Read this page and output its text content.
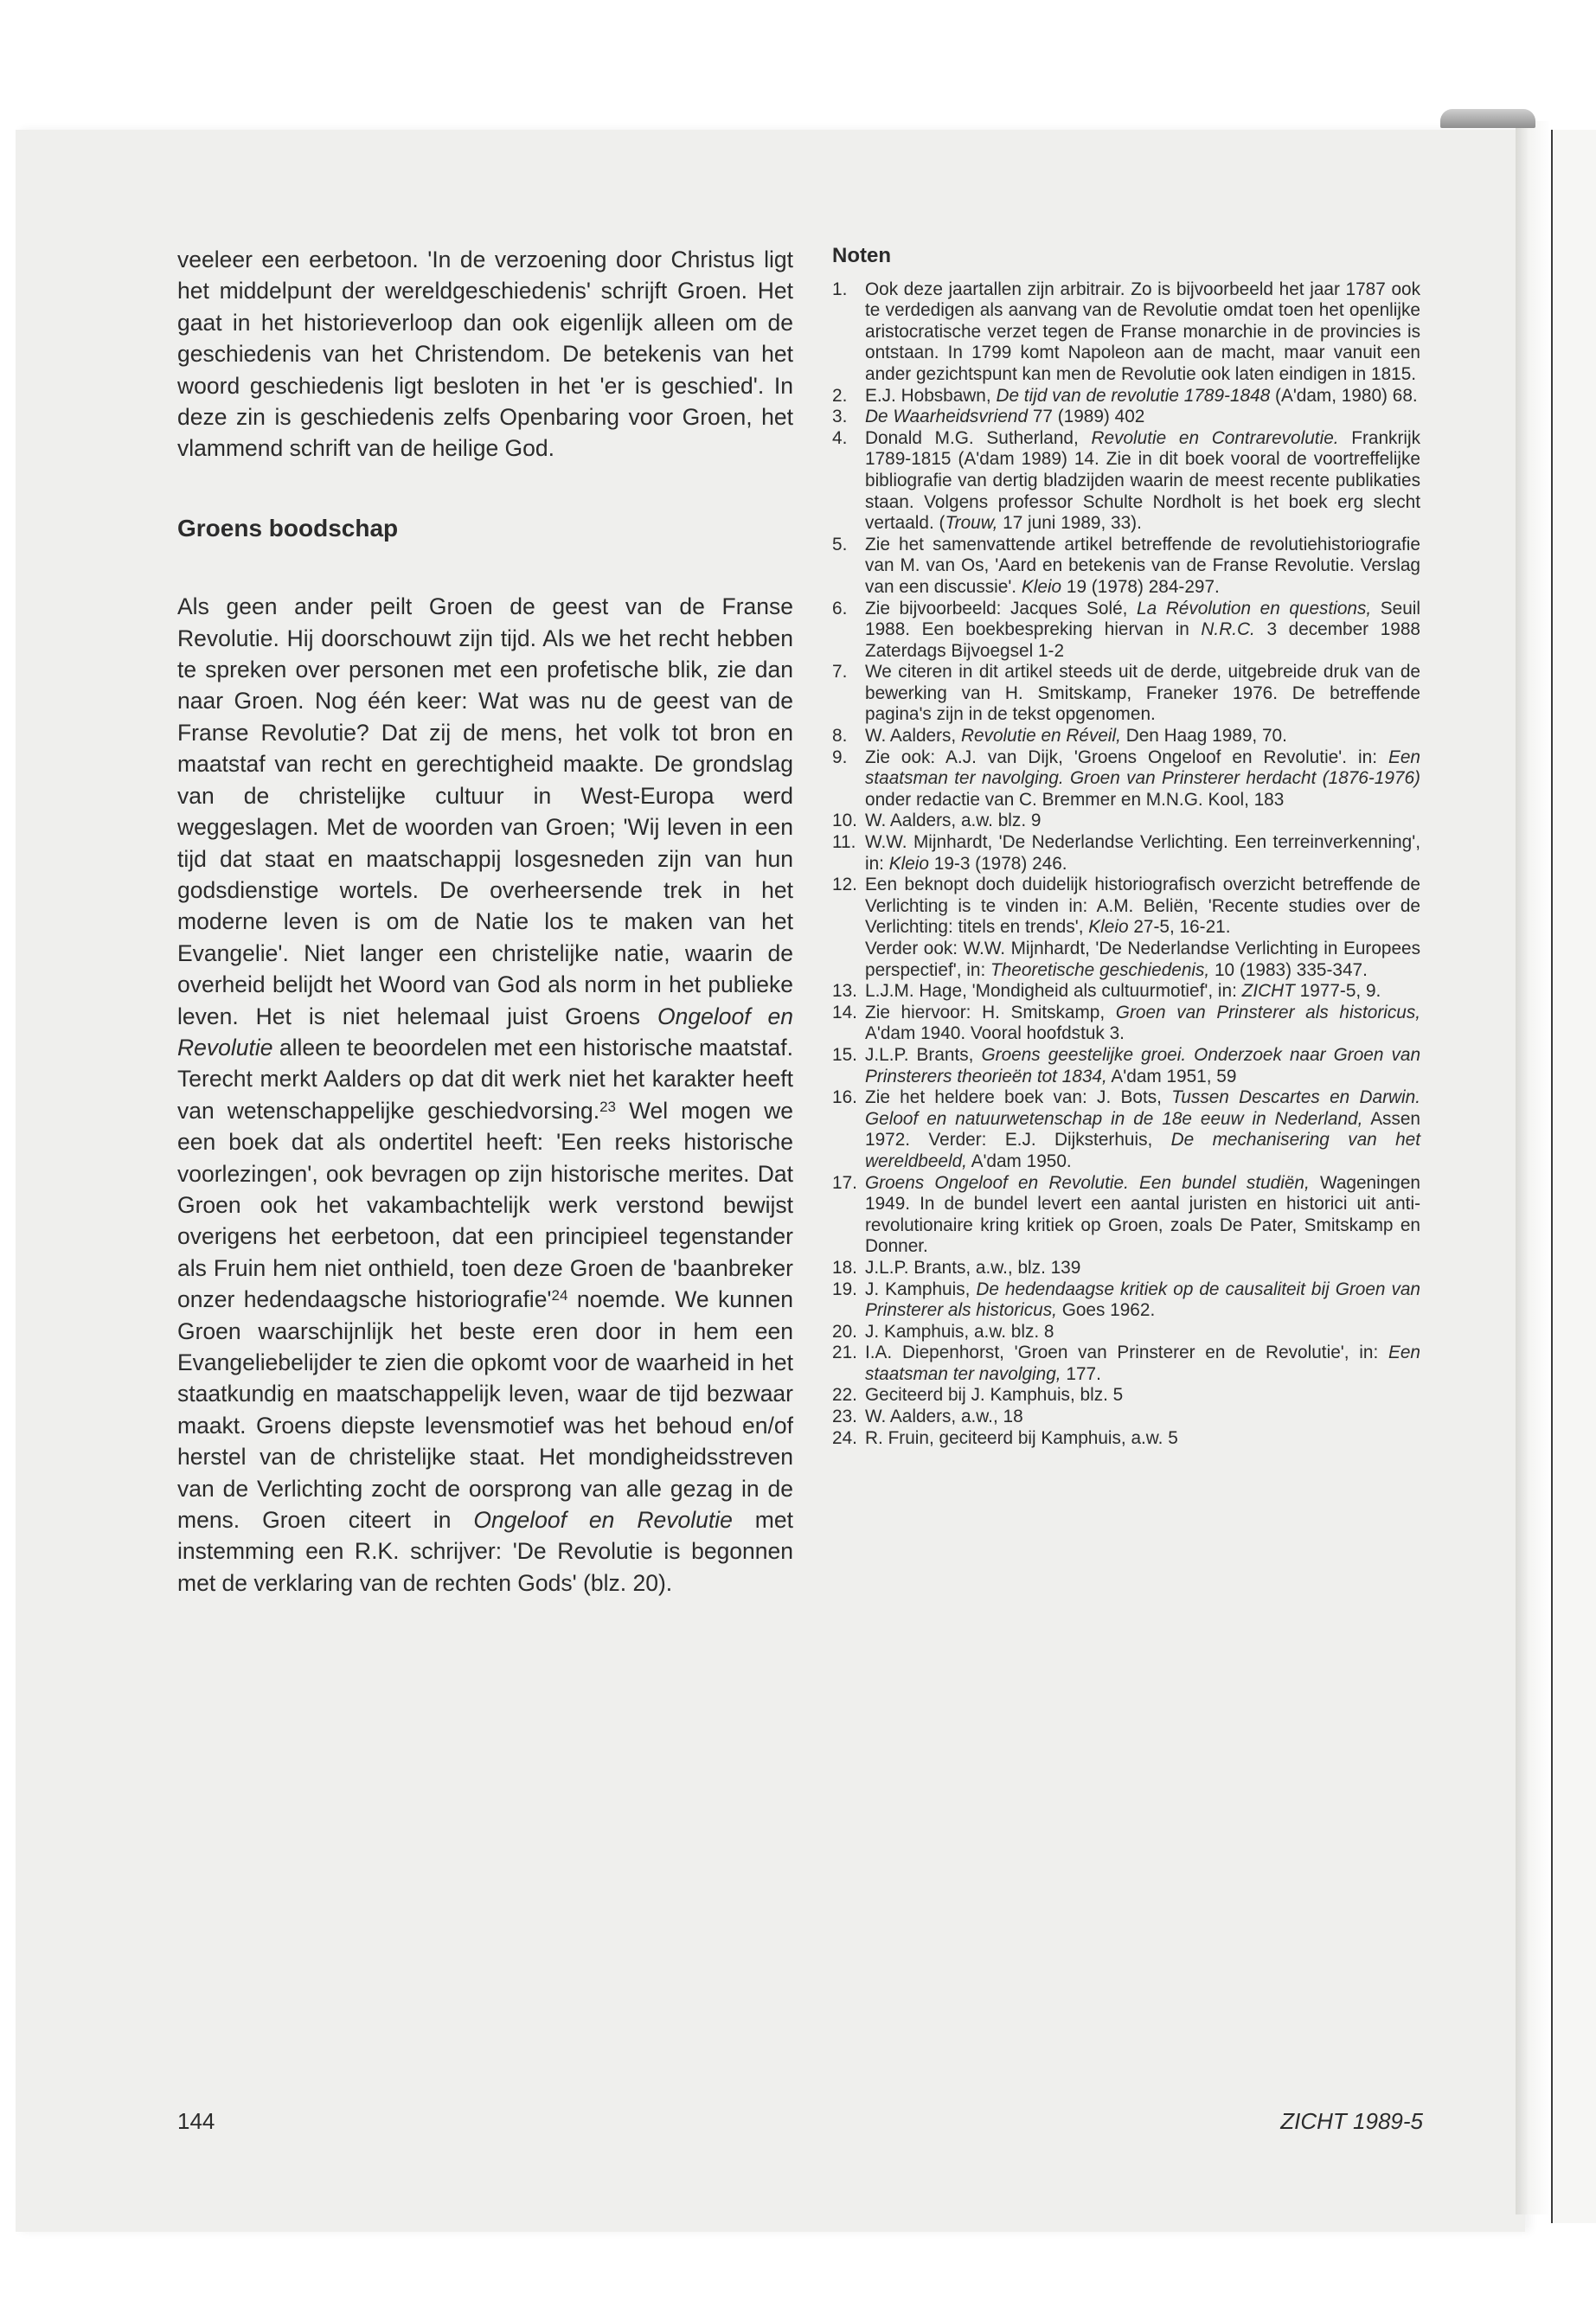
veeleer een eerbetoon. 'In de verzoening door Christus ligt het middelpunt der wereldgeschiedenis' schrijft Groen. Het gaat in het historieverloop dan ook eigenlijk alleen om de geschiedenis van het Christendom. De betekenis van het woord geschiedenis ligt besloten in het 'er is geschied'. In deze zin is geschiedenis zelfs Openbaring voor Groen, het vlammend schrift van de heilige God.

Groens boodschap

Als geen ander peilt Groen de geest van de Franse Revolutie. Hij doorschouwt zijn tijd. Als we het recht hebben te spreken over personen met een profetische blik, zie dan naar Groen. Nog één keer: Wat was nu de geest van de Franse Revolutie? Dat zij de mens, het volk tot bron en maatstaf van recht en gerechtigheid maakte. De grondslag van de christelijke cultuur in West-Europa werd weggeslagen. Met de woorden van Groen; 'Wij leven in een tijd dat staat en maatschappij losgesneden zijn van hun godsdienstige wortels. De overheersende trek in het moderne leven is om de Natie los te maken van het Evangelie'. Niet langer een christelijke natie, waarin de overheid belijdt het Woord van God als norm in het publieke leven. Het is niet helemaal juist Groens Ongeloof en Revolutie alleen te beoordelen met een historische maatstaf. Terecht merkt Aalders op dat dit werk niet het karakter heeft van wetenschappelijke geschiedvorsing.$^{23}$ Wel mogen we een boek dat als ondertitel heeft: 'Een reeks historische voorlezingen', ook bevragen op zijn historische merites. Dat Groen ook het vakambachtelijk werk verstond bewijst overigens het eerbetoon, dat een principieel tegenstander als Fruin hem niet onthield, toen deze Groen de 'baanbreker onzer hedendaagsche $historiografie'^{24}$ noemde. We kunnen Groen waarschijnlijk het beste eren door in hem een Evangeliebelijder te zien die opkomt voor de waarheid in het staatkundig en maatschappelijk leven, waar de tijd bezwaar maakt. Groens diepste levensmotief was het behoud en/of herstel van de christelijke staat. Het mondigheidsstreven van de Verlichting zocht de oorsprong van alle gezag in de mens. Groen citeert in Ongeloof en Revolutie met instemming een R.K. schrijver: 'De Revolutie is begonnen met de verklaring van de rechten Gods' (blz. 20).

Noten
1. Ook deze jaartallen zijn arbitrair. Zo is bijvoorbeeld het jaar 1787 ook te verdedigen als aanvang van de Revolutie omdat toen het openlijke aristocratische verzet tegen de Franse monarchie in de provincies is ontstaan. In 1799 komt Napoleon aan de macht, maar vanuit een ander gezichtspunt kan men de Revolutie ook laten eindigen in 1815.
2. E.J. Hobsbawn, De tijd van de revolutie 1789-1848 (A'dam, 1980) 68.
3. De Waarheidsvriend 77 (1989) 402
4. Donald M.G. Sutherland, Revolutie en Contrarevolutie. Frankrijk 1789-1815 (A'dam 1989) 14. Zie in dit boek vooral de voortreffelijke bibliografie van dertig bladzijden waarin de meest recente publikaties staan. Volgens professor Schulte Nordholt is het boek erg slecht vertaald. (Trouw, 17 juni 1989, 33).
5. Zie het samenvattende artikel betreffende de revolutiehistoriografie van M. van Os, 'Aard en betekenis van de Franse Revolutie. Verslag van een discussie'. Kleio 19 (1978) 284-297.
6. Zie bijvoorbeeld: Jacques Solé, La Révolution en questions, Seuil 1988. Een boekbespreking hiervan in N.R.C. 3 december 1988 Zaterdags Bijvoegsel 1-2
7. We citeren in dit artikel steeds uit de derde, uitgebreide druk van de bewerking van H. Smitskamp, Franeker 1976. De betreffende pagina's zijn in de tekst opgenomen.
8. W. Aalders, Revolutie en Réveil, Den Haag 1989, 70.
9. Zie ook: A.J. van Dijk, 'Groens Ongeloof en Revolutie'. in: Een staatsman ter navolging. Groen van Prinsterer herdacht (1876-1976) onder redactie van C. Bremmer en M.N.G. Kool, 183
10. W. Aalders, a.w. blz. 9
11. W.W. Mijnhardt, 'De Nederlandse Verlichting. Een terreinverkenning', in: Kleio 19-3 (1978) 246.
12. Een beknopt doch duidelijk historiografisch overzicht betreffende de Verlichting is te vinden in: A.M. Beliën, 'Recente studies over de Verlichting: titels en trends', Kleio 27-5, 16-21.
Verder ook: W.W. Mijnhardt, 'De Nederlandse Verlichting in Europees perspectief', in: Theoretische geschiedenis, 10 (1983) 335-347.
13. L.J.M. Hage, 'Mondigheid als cultuurmotief', in: ZICHT 1977-5, 9.
14. Zie hiervoor: H. Smitskamp, Groen van Prinsterer als historicus, A'dam 1940. Vooral hoofdstuk 3.
15. J.L.P. Brants, Groens geestelijke groei. Onderzoek naar Groen van Prinsterers theorieën tot 1834, A'dam 1951, 59
16. Zie het heldere boek van: J. Bots, Tussen Descartes en Darwin. Geloof en natuurwetenschap in de 18e eeuw in Nederland, Assen 1972. Verder: E.J. Dijksterhuis, De mechanisering van het wereldbeeld, A'dam 1950.
17. Groens Ongeloof en Revolutie. Een bundel studiën, Wageningen 1949. In de bundel levert een aantal juristen en historici uit anti-revolutionaire kring kritiek op Groen, zoals De Pater, Smitskamp en Donner.
18. J.L.P. Brants, a.w., blz. 139
19. J. Kamphuis, De hedendaagse kritiek op de causaliteit bij Groen van Prinsterer als historicus, Goes 1962.
20. J. Kamphuis, a.w. blz. 8
21. I.A. Diepenhorst, 'Groen van Prinsterer en de Revolutie', in: Een staatsman ter navolging, 177.
22. Geciteerd bij J. Kamphuis, blz. 5
23. W. Aalders, a.w., 18
24. R. Fruin, geciteerd bij Kamphuis, a.w. 5
144	ZICHT 1989-5
